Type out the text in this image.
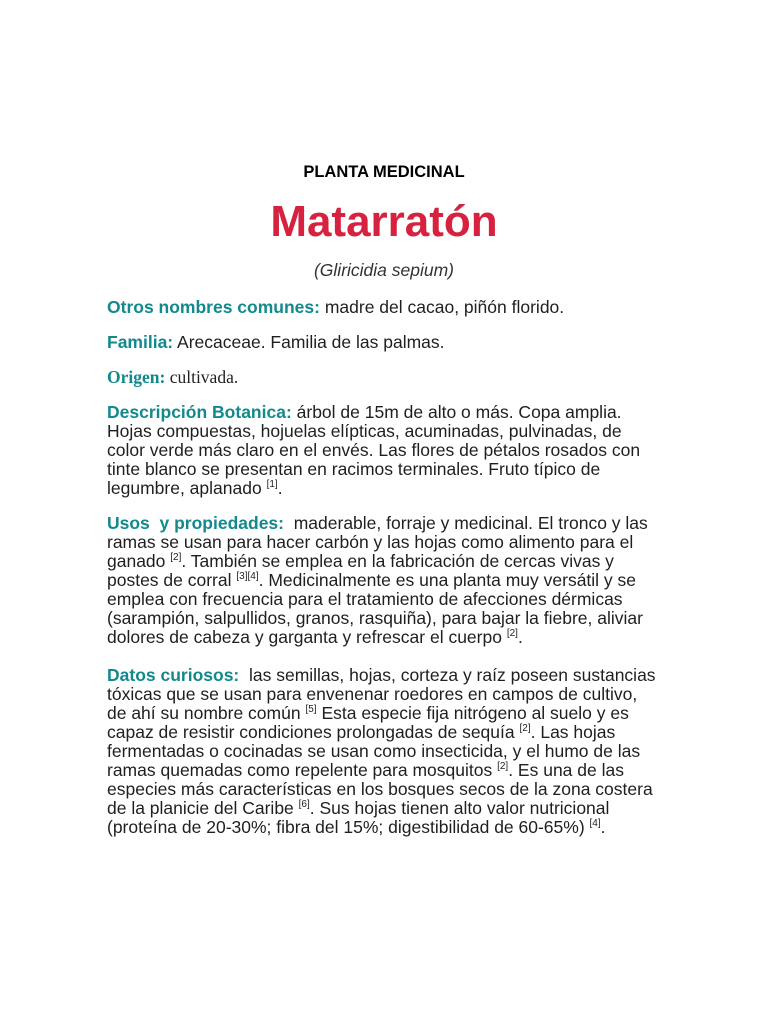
PLANTA MEDICINAL
Matarratón
(Gliricidia sepium)
Otros nombres comunes: madre del cacao, piñón florido.
Familia: Arecaceae. Familia de las palmas.
Origen: cultivada.
Descripción Botanica: árbol de 15m de alto o más. Copa amplia.
Hojas compuestas, hojuelas elípticas, acuminadas, pulvinadas, de
color verde más claro en el envés. Las flores de pétalos rosados con
tinte blanco se presentan en racimos terminales. Fruto típico de
legumbre, aplanado [1].
Usos  y propiedades:  maderable, forraje y medicinal. El tronco y las
ramas se usan para hacer carbón y las hojas como alimento para el
ganado [2]. También se emplea en la fabricación de cercas vivas y
postes de corral [3][4]. Medicinalmente es una planta muy versátil y se
emplea con frecuencia para el tratamiento de afecciones dérmicas
(sarampión, salpullidos, granos, rasquiña), para bajar la fiebre, aliviar
dolores de cabeza y garganta y refrescar el cuerpo [2].
Datos curiosos:  las semillas, hojas, corteza y raíz poseen sustancias
tóxicas que se usan para envenenar roedores en campos de cultivo,
de ahí su nombre común [5] Esta especie fija nitrógeno al suelo y es
capaz de resistir condiciones prolongadas de sequía [2]. Las hojas
fermentadas o cocinadas se usan como insecticida, y el humo de las
ramas quemadas como repelente para mosquitos [2]. Es una de las
especies más características en los bosques secos de la zona costera
de la planicie del Caribe [6]. Sus hojas tienen alto valor nutricional
(proteína de 20-30%; fibra del 15%; digestibilidad de 60-65%) [4].
